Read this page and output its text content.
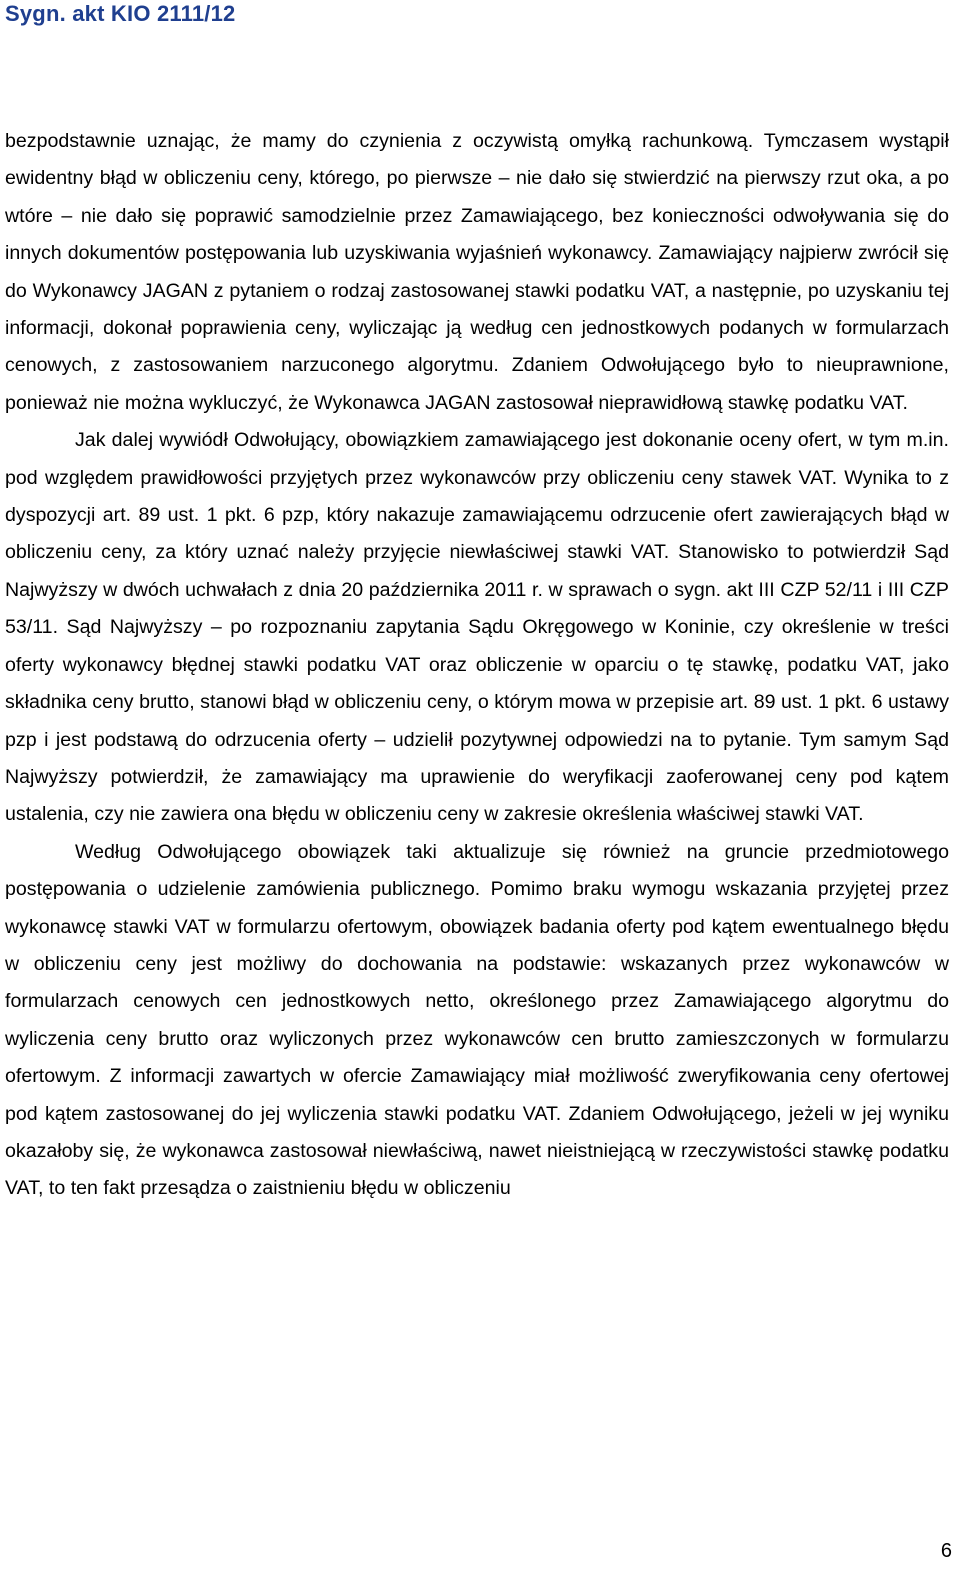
Sygn. akt KIO 2111/12

bezpodstawnie uznając, że mamy do czynienia z oczywistą omyłką rachunkową. Tymczasem wystąpił ewidentny błąd w obliczeniu ceny, którego, po pierwsze – nie dało się stwierdzić na pierwszy rzut oka, a po wtóre – nie dało się poprawić samodzielnie przez Zamawiającego, bez konieczności odwoływania się do innych dokumentów postępowania lub uzyskiwania wyjaśnień wykonawcy. Zamawiający najpierw zwrócił się do Wykonawcy JAGAN z pytaniem o rodzaj zastosowanej stawki podatku VAT, a następnie, po uzyskaniu tej informacji, dokonał poprawienia ceny, wyliczając ją według cen jednostkowych podanych w formularzach cenowych, z zastosowaniem narzuconego algorytmu. Zdaniem Odwołującego było to nieuprawnione, ponieważ nie można wykluczyć, że Wykonawca JAGAN zastosował nieprawidłową stawkę podatku VAT.

Jak dalej wywiódł Odwołujący, obowiązkiem zamawiającego jest dokonanie oceny ofert, w tym m.in. pod względem prawidłowości przyjętych przez wykonawców przy obliczeniu ceny stawek VAT. Wynika to z dyspozycji art. 89 ust. 1 pkt. 6 pzp, który nakazuje zamawiającemu odrzucenie ofert zawierających błąd w obliczeniu ceny, za który uznać należy przyjęcie niewłaściwej stawki VAT. Stanowisko to potwierdził Sąd Najwyższy w dwóch uchwałach z dnia 20 października 2011 r. w sprawach o sygn. akt III CZP 52/11 i III CZP 53/11. Sąd Najwyższy – po rozpoznaniu zapytania Sądu Okręgowego w Koninie, czy określenie w treści oferty wykonawcy błędnej stawki podatku VAT oraz obliczenie w oparciu o tę stawkę, podatku VAT, jako składnika ceny brutto, stanowi błąd w obliczeniu ceny, o którym mowa w przepisie art. 89 ust. 1 pkt. 6 ustawy pzp i jest podstawą do odrzucenia oferty – udzielił pozytywnej odpowiedzi na to pytanie. Tym samym Sąd Najwyższy potwierdził, że zamawiający ma uprawienie do weryfikacji zaoferowanej ceny pod kątem ustalenia, czy nie zawiera ona błędu w obliczeniu ceny w zakresie określenia właściwej stawki VAT.

Według Odwołującego obowiązek taki aktualizuje się również na gruncie przedmiotowego postępowania o udzielenie zamówienia publicznego. Pomimo braku wymogu wskazania przyjętej przez wykonawcę stawki VAT w formularzu ofertowym, obowiązek badania oferty pod kątem ewentualnego błędu w obliczeniu ceny jest możliwy do dochowania na podstawie: wskazanych przez wykonawców w formularzach cenowych cen jednostkowych netto, określonego przez Zamawiającego algorytmu do wyliczenia ceny brutto oraz wyliczonych przez wykonawców cen brutto zamieszczonych w formularzu ofertowym. Z informacji zawartych w ofercie Zamawiający miał możliwość zweryfikowania ceny ofertowej pod kątem zastosowanej do jej wyliczenia stawki podatku VAT. Zdaniem Odwołującego, jeżeli w jej wyniku okazałoby się, że wykonawca zastosował niewłaściwą, nawet nieistniejącą w rzeczywistości stawkę podatku VAT, to ten fakt przesądza o zaistnieniu błędu w obliczeniu

6
